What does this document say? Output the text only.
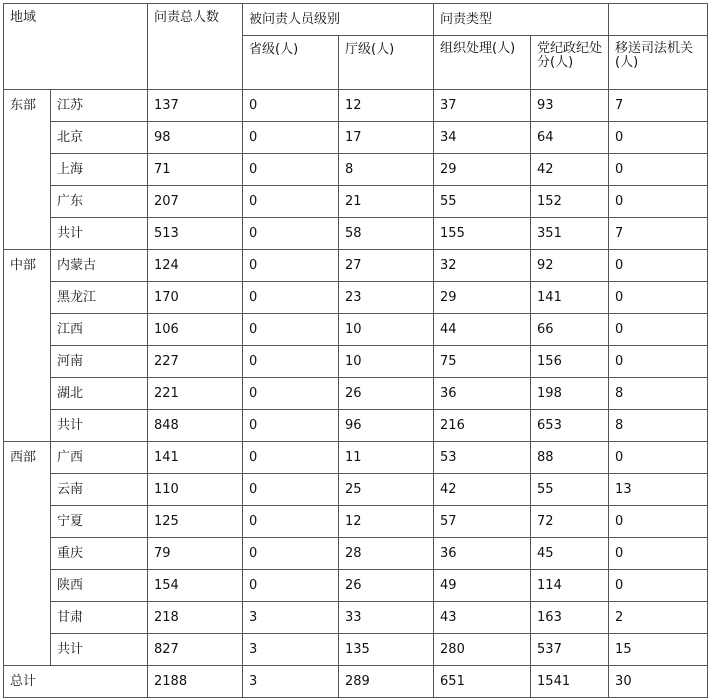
地域		问责总人数	被问责人员级别		问责类型		
			省级(人)	厅级(人)	组织处理(人)	党纪政纪处分(人)	移送司法机关(人)
东部	江苏	137	0	12	37	93	7
	北京	98	0	17	34	64	0
	上海	71	0	8	29	42	0
	广东	207	0	21	55	152	0
	共计	513	0	58	155	351	7
中部	内蒙古	124	0	27	32	92	0
	黑龙江	170	0	23	29	141	0
	江西	106	0	10	44	66	0
	河南	227	0	10	75	156	0
	湖北	221	0	26	36	198	8
	共计	848	0	96	216	653	8
西部	广西	141	0	11	53	88	0
	云南	110	0	25	42	55	13
	宁夏	125	0	12	57	72	0
	重庆	79	0	28	36	45	0
	陕西	154	0	26	49	114	0
	甘肃	218	3	33	43	163	2
	共计	827	3	135	280	537	15
总计		2188	3	289	651	1541	30
